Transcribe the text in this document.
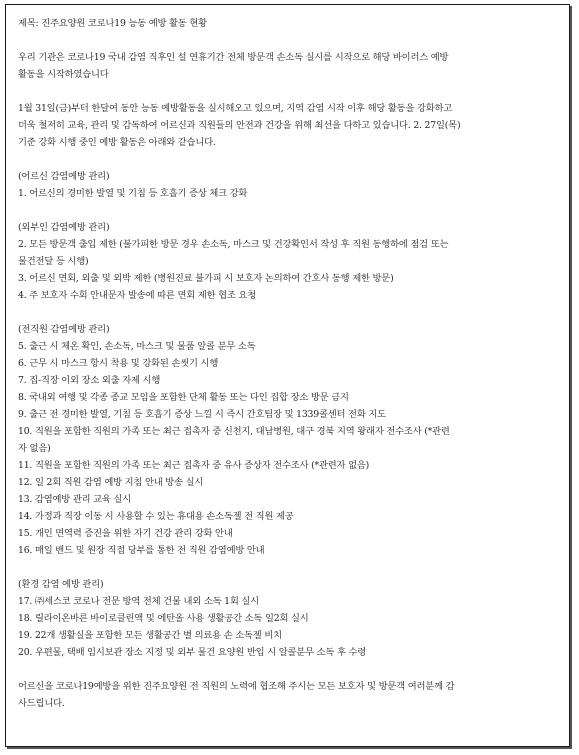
제목: 진주요양원 코로나19 능동 예방 활동 현황
우리 기관은 코로나19 국내 감염 직후인 설 연휴기간 전체 방문객 손소독 실시를 시작으로 해당 바이러스 예방
활동을 시작하였습니다
1월 31일(금)부터 한달여 동안 능동 예방활동을 실시해오고 있으며, 지역 감염 시작 이후 해당 활동을 강화하고
더욱 철저히 교육, 관리 및 감독하여 어르신과 직원들의 안전과 건강을 위해 최선을 다하고 있습니다. 2. 27일(목)
기준 강화 시행 중인 예방 활동은 아래와 같습니다.
(어르신 감염예방 관리)
1. 어르신의 경미한 발열 및 기침 등 호흡기 증상 체크 강화
(외부인 감염예방 관리)
2. 모든 방문객 출입 제한 (불가피한 방문 경우 손소독, 마스크 및 건강확인서 작성 후 직원 동행하에 점검 또는
물건전달 등 시행)
3. 어르신 면회, 외출 및 외박 제한 (병원진료 불가피 시 보호자 논의하여 간호사 동행 제한 방문)
4. 주 보호자 수회 안내문자 발송에 따른 면회 제한 협조 요청
(전직원 감염예방 관리)
5. 출근 시 체온 확인, 손소독, 마스크 및 물품 알콜 분무 소독
6. 근무 시 마스크 항시 착용 및 강화된 손씻기 시행
7. 집-직장 이외 장소 외출 자제 시행
8. 국내외 여행 및 각종 종교 모임을 포함한 단체 활동 또는 다인 집합 장소 방문 금지
9. 출근 전 경미한 발열, 기침 등 호흡기 증상 느낄 시 즉시 간호팀장 및 1339콜센터 전화 지도
10. 직원을 포함한 직원의 가족 또는 최근 접촉자 중 신천지, 대남병원, 대구 경북 지역 왕래자 전수조사 (*관련
자 없음)
11. 직원을 포함한 직원의 가족 또는 최근 접촉자 중 유사 증상자 전수조사 (*관련자 없음)
12. 일 2회 직원 감염 예방 지침 안내 방송 실시
13. 감염예방 관리 교육 실시
14. 가정과 직장 이동 시 사용할 수 있는 휴대용 손소독젤 전 직원 제공
15. 개인 면역력 증진을 위한 자기 건강 관리 강화 안내
16. 매일 밴드 및 원장 직접 당부를 통한 전 직원 감염예방 안내
(환경 감염 예방 관리)
17. ㈜세스코 코로나 전문 방역 전체 건물 내외 소독 1회 실시
18. 릴라이온바른 바이로클린액 및 에탄올 사용 생활공간 소독 일2회 실시
19. 22개 생활실을 포함한 모든 생활공간 별 의료용 손 소독젤 비치
20. 우편물, 택배 임시보관 장소 지정 및 외부 물건 요양원 반입 시 알콜분무 소독 후 수령
어르신을 코로나19예방을 위한 진주요양원 전 직원의 노력에 협조해 주시는 모든 보호자 및 방문객 여러분께 감
사드립니다.
